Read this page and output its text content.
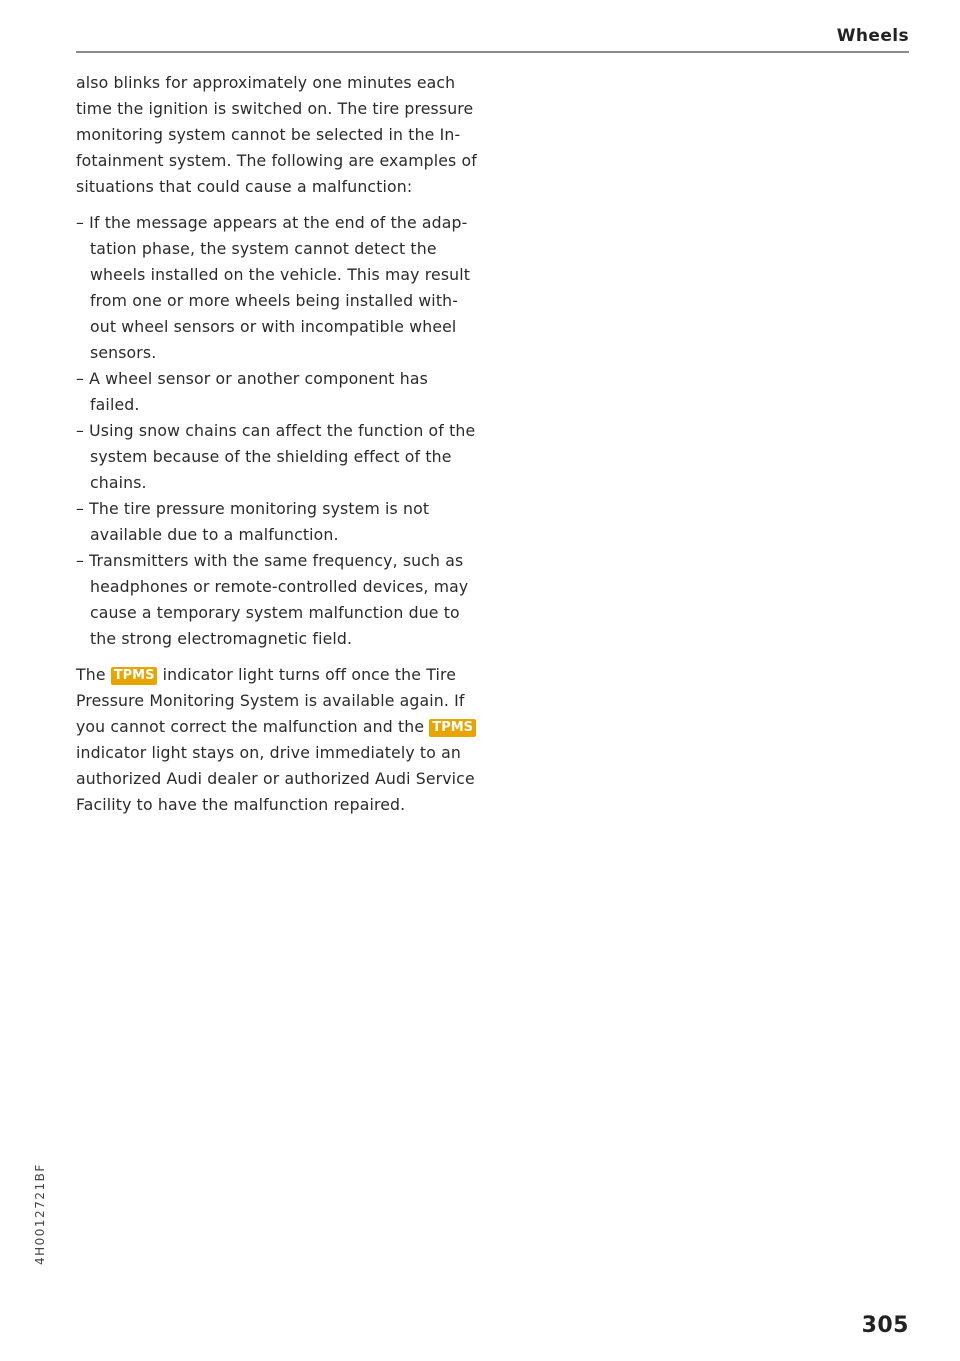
Wheels

also blinks for approximately one minutes each time the ignition is switched on. The tire pressure monitoring system cannot be selected in the In-fotainment system. The following are examples of situations that could cause a malfunction:

– If the message appears at the end of the adap-tation phase, the system cannot detect the wheels installed on the vehicle. This may result from one or more wheels being installed with-out wheel sensors or with incompatible wheel sensors.
– A wheel sensor or another component has failed.
– Using snow chains can affect the function of the system because of the shielding effect of the chains.
– The tire pressure monitoring system is not available due to a malfunction.
– Transmitters with the same frequency, such as headphones or remote-controlled devices, may cause a temporary system malfunction due to the strong electromagnetic field.

The TPMS indicator light turns off once the Tire Pressure Monitoring System is available again. If you cannot correct the malfunction and the TPMS indicator light stays on, drive immediately to an authorized Audi dealer or authorized Audi Service Facility to have the malfunction repaired.

4H0012721BF
305
